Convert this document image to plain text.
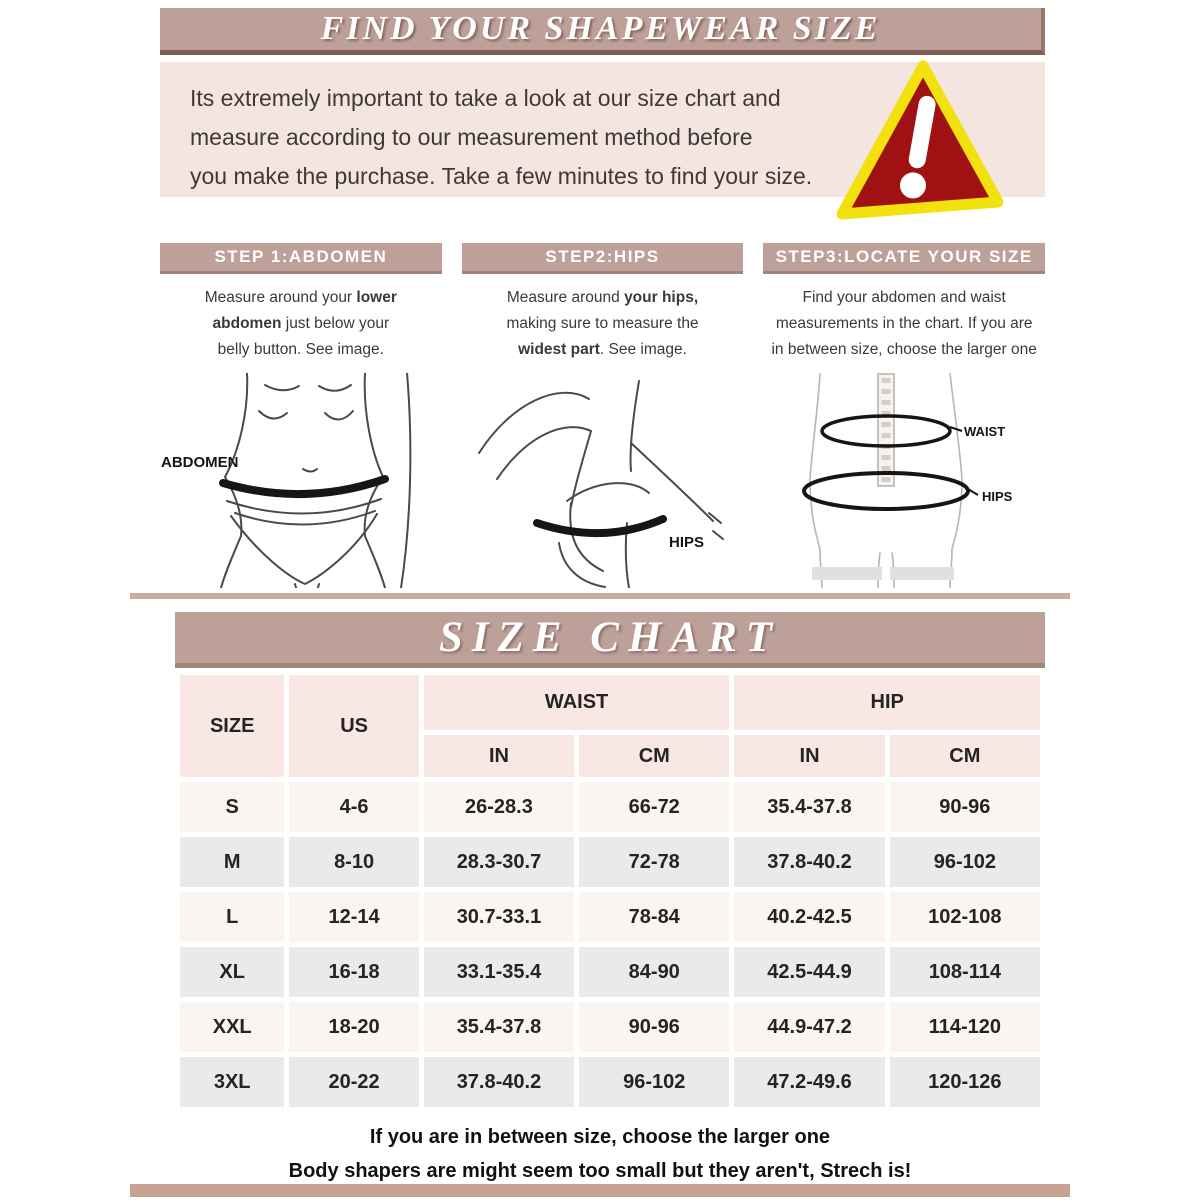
FIND YOUR SHAPEWEAR SIZE
Its extremely important to take a look at our size chart and
measure according to our measurement method before
you make the purchase. Take a few minutes to find your size.
STEP 1:ABDOMEN
Measure around your lower
abdomen just below your
belly button. See image.
ABDOMEN
STEP2:HIPS
Measure around your hips,
making sure to measure the
widest part. See image.
HIPS
STEP3:LOCATE YOUR SIZE
Find your abdomen and waist
measurements in the chart. If you are
in between size, choose the larger one
WAIST
HIPS
SIZE CHART
SIZE	US	WAIST		HIP	
		IN	CM	IN	CM
S	4-6	26-28.3	66-72	35.4-37.8	90-96
M	8-10	28.3-30.7	72-78	37.8-40.2	96-102
L	12-14	30.7-33.1	78-84	40.2-42.5	102-108
XL	16-18	33.1-35.4	84-90	42.5-44.9	108-114
XXL	18-20	35.4-37.8	90-96	44.9-47.2	114-120
3XL	20-22	37.8-40.2	96-102	47.2-49.6	120-126
If you are in between size, choose the larger one
Body shapers are might seem too small but they aren't, Strech is!
